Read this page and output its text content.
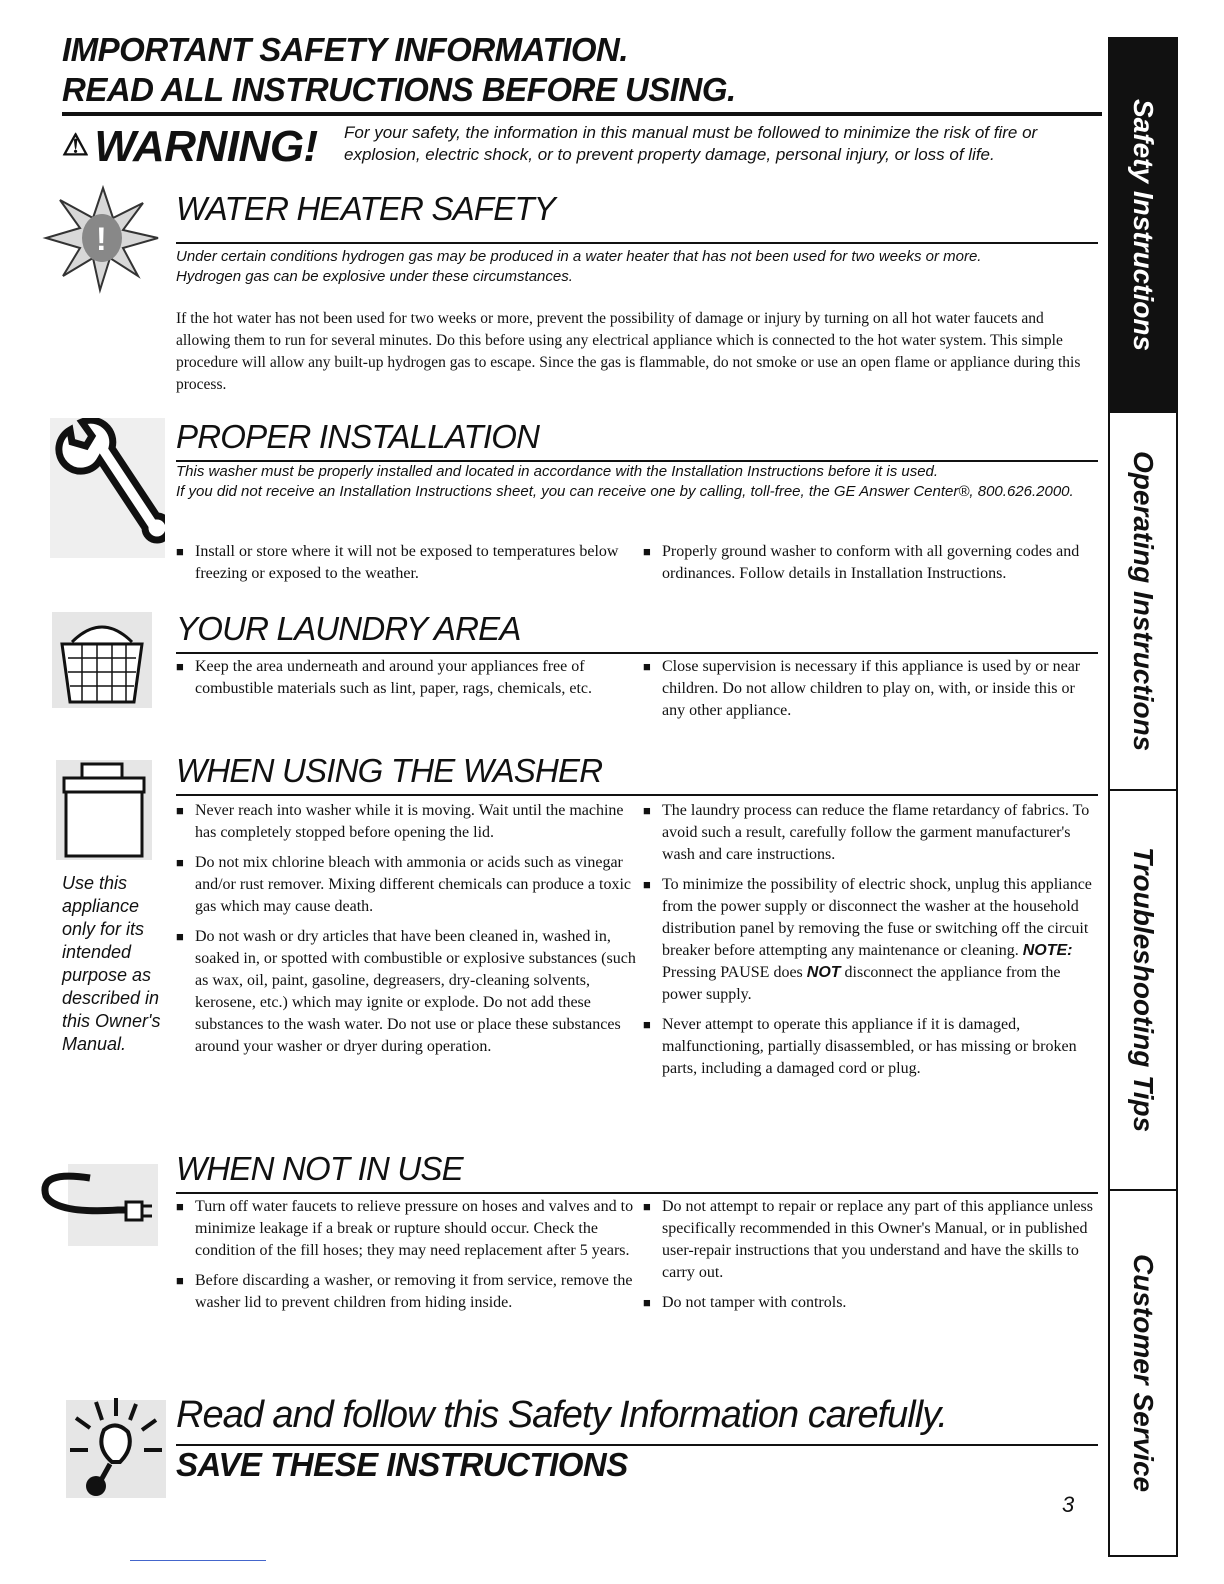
IMPORTANT SAFETY INFORMATION.
READ ALL INSTRUCTIONS BEFORE USING.
⚠ WARNING! For your safety, the information in this manual must be followed to minimize the risk of fire or explosion, electric shock, or to prevent property damage, personal injury, or loss of life.
!
WATER HEATER SAFETY
Under certain conditions hydrogen gas may be produced in a water heater that has not been used for two weeks or more. Hydrogen gas can be explosive under these circumstances.
If the hot water has not been used for two weeks or more, prevent the possibility of damage or injury by turning on all hot water faucets and allowing them to run for several minutes. Do this before using any electrical appliance which is connected to the hot water system. This simple procedure will allow any built-up hydrogen gas to escape. Since the gas is flammable, do not smoke or use an open flame or appliance during this process.
PROPER INSTALLATION
This washer must be properly installed and located in accordance with the Installation Instructions before it is used.
If you did not receive an Installation Instructions sheet, you can receive one by calling, toll-free, the GE Answer Center®, 800.626.2000.
■ Install or store where it will not be exposed to temperatures below freezing or exposed to the weather.
■ Properly ground washer to conform with all governing codes and ordinances. Follow details in Installation Instructions.
YOUR LAUNDRY AREA
■ Keep the area underneath and around your appliances free of combustible materials such as lint, paper, rags, chemicals, etc.
■ Close supervision is necessary if this appliance is used by or near children. Do not allow children to play on, with, or inside this or any other appliance.
WHEN USING THE WASHER
Use this appliance only for its intended purpose as described in this Owner's Manual.
■ Never reach into washer while it is moving. Wait until the machine has completely stopped before opening the lid.
■ Do not mix chlorine bleach with ammonia or acids such as vinegar and/or rust remover. Mixing different chemicals can produce a toxic gas which may cause death.
■ Do not wash or dry articles that have been cleaned in, washed in, soaked in, or spotted with combustible or explosive substances (such as wax, oil, paint, gasoline, degreasers, dry-cleaning solvents, kerosene, etc.) which may ignite or explode. Do not add these substances to the wash water. Do not use or place these substances around your washer or dryer during operation.
■ The laundry process can reduce the flame retardancy of fabrics. To avoid such a result, carefully follow the garment manufacturer's wash and care instructions.
■ To minimize the possibility of electric shock, unplug this appliance from the power supply or disconnect the washer at the household distribution panel by removing the fuse or switching off the circuit breaker before attempting any maintenance or cleaning. NOTE: Pressing PAUSE does NOT disconnect the appliance from the power supply.
■ Never attempt to operate this appliance if it is damaged, malfunctioning, partially disassembled, or has missing or broken parts, including a damaged cord or plug.
WHEN NOT IN USE
■ Turn off water faucets to relieve pressure on hoses and valves and to minimize leakage if a break or rupture should occur. Check the condition of the fill hoses; they may need replacement after 5 years.
■ Before discarding a washer, or removing it from service, remove the washer lid to prevent children from hiding inside.
■ Do not attempt to repair or replace any part of this appliance unless specifically recommended in this Owner's Manual, or in published user-repair instructions that you understand and have the skills to carry out.
■ Do not tamper with controls.
Read and follow this Safety Information carefully.
SAVE THESE INSTRUCTIONS
3
Safety Instructions
Operating Instructions
Troubleshooting Tips
Customer Service
